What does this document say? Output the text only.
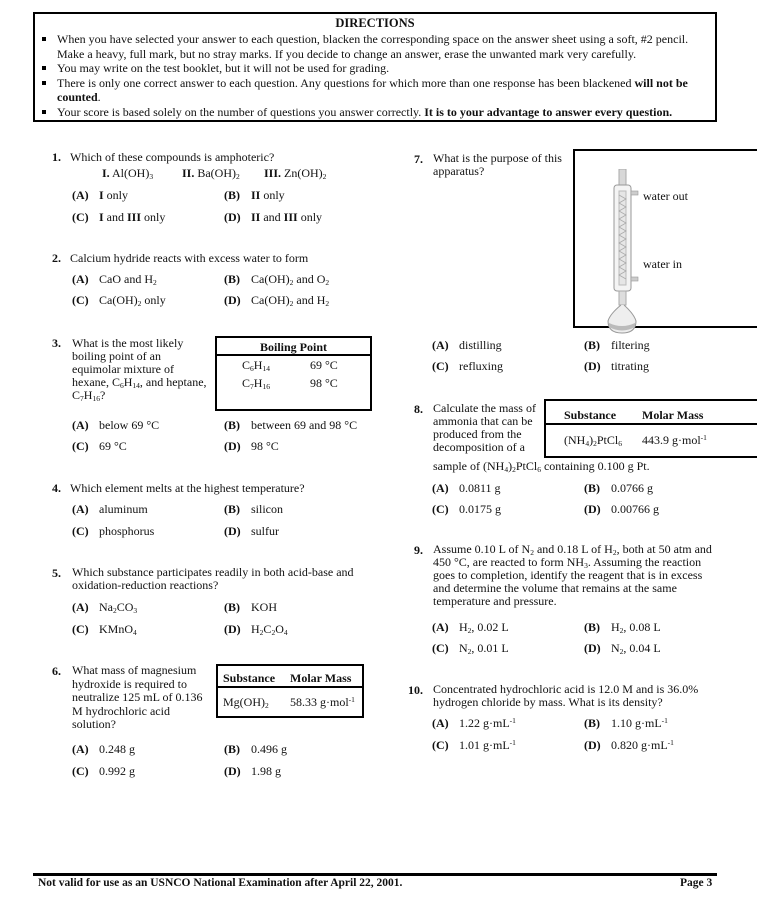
DIRECTIONS
When you have selected your answer to each question, blacken the corresponding space on the answer sheet using a soft, #2 pencil. Make a heavy, full mark, but no stray marks. If you decide to change an answer, erase the unwanted mark very carefully.
You may write on the test booklet, but it will not be used for grading.
There is only one correct answer to each question. Any questions for which more than one response has been blackened will not be counted.
Your score is based solely on the number of questions you answer correctly. It is to your advantage to answer every question.
1. Which of these compounds is amphoteric?
I. $Al(OH)_3$ II. $Ba(OH)_2$ III. $Zn(OH)_2$
(A) I only	(B) II only
(C) I and III only	(D) II and III only
2. Calcium hydride reacts with excess water to form
(A) CaO and $H_2$	(B) $Ca(OH)_2$ and $O_2$
(C) $Ca(OH)_2$ only	(D) $Ca(OH)_2$ and $H_2$
3. What is the most likely boiling point of an equimolar mixture of hexane, $C_6H_{14}$, and heptane, $C_7H_{16}$?
Boiling Point
$C_6H_{14}$	69 °C
$C_7H_{16}$	98 °C
(A) below 69 °C	(B) between 69 and 98 °C
(C) 69 °C	(D) 98 °C
4. Which element melts at the highest temperature?
(A) aluminum	(B) silicon
(C) phosphorus	(D) sulfur
5. Which substance participates readily in both acid-base and oxidation-reduction reactions?
(A) $Na_2CO_3$	(B) KOH
(C) KMnO$_4$	(D) $H_2C_2O_4$
6. What mass of magnesium hydroxide is required to neutralize 125 mL of 0.136 M hydrochloric acid solution?
Substance Molar Mass
$Mg(OH)_2$ 58.33 g·mol$^{-1}$
(A) 0.248 g	(B) 0.496 g
(C) 0.992 g	(D) 1.98 g
7. What is the purpose of this apparatus?
water out
water in
(A) distilling	(B) filtering
(C) refluxing	(D) titrating
8. Calculate the mass of ammonia that can be produced from the decomposition of a
sample of $(NH_4)_2PtCl_6$ containing 0.100 g Pt.
Substance Molar Mass
$(NH_4)_2PtCl_6$ 443.9 g·mol$^{-1}$
(A) 0.0811 g	(B) 0.0766 g
(C) 0.0175 g	(D) 0.00766 g
9. Assume 0.10 L of $N_2$ and 0.18 L of $H_2$, both at 50 atm and 450 °C, are reacted to form $NH_3$. Assuming the reaction goes to completion, identify the reagent that is in excess and determine the volume that remains at the same temperature and pressure.
(A) $H_2$, 0.02 L	(B) $H_2$, 0.08 L
(C) $N_2$, 0.01 L	(D) $N_2$, 0.04 L
10. Concentrated hydrochloric acid is 12.0 M and is 36.0% hydrogen chloride by mass. What is its density?
(A) 1.22 $g\cdot mL^{-1}$	(B) 1.10 $g\cdot mL^{-1}$
(C) 1.01 $g\cdot mL^{-1}$	(D) 0.820 $g\cdot mL^{-1}$
Not valid for use as an USNCO National Examination after April 22, 2001.	Page 3
